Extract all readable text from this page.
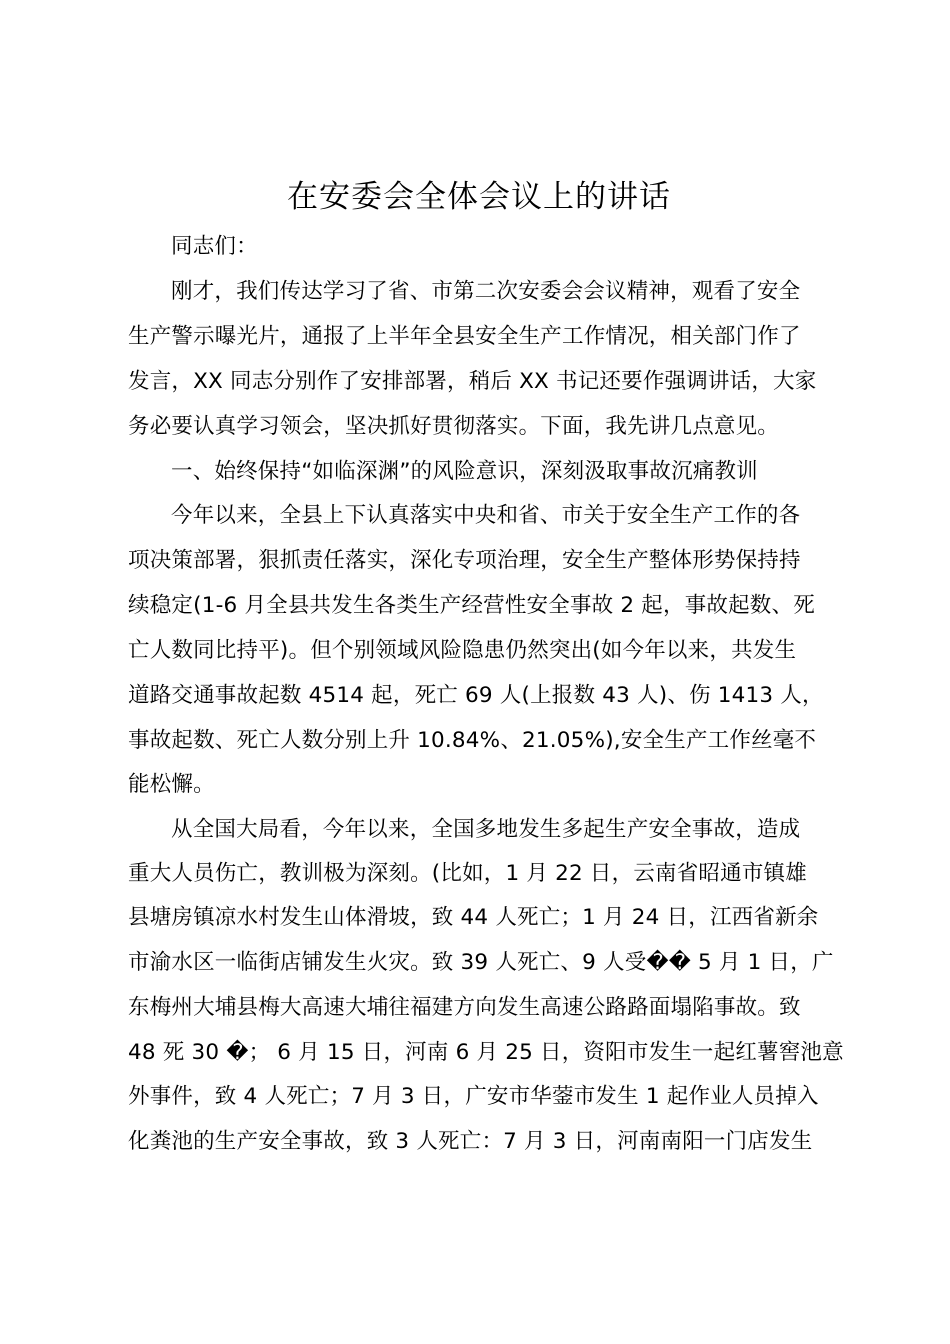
在安委会全体会议上的讲话
同志们：
刚才，我们传达学习了省、市第二次安委会会议精神，观看了安全
生产警示曝光片，通报了上半年全县安全生产工作情况，相关部门作了
发言，XX 同志分别作了安排部署，稍后 XX 书记还要作强调讲话，大家
务必要认真学习领会，坚决抓好贯彻落实。下面，我先讲几点意见。
一、始终保持“如临深渊”的风险意识，深刻汲取事故沉痛教训
今年以来，全县上下认真落实中央和省、市关于安全生产工作的各
项决策部署，狠抓责任落实，深化专项治理，安全生产整体形势保持持
续稳定(1-6 月全县共发生各类生产经营性安全事故 2 起，事故起数、死
亡人数同比持平)。但个别领域风险隐患仍然突出(如今年以来，共发生
道路交通事故起数 4514 起，死亡 69 人(上报数 43 人)、伤 1413 人，
事故起数、死亡人数分别上升 10.84%、21.05%),安全生产工作丝毫不
能松懈。
从全国大局看，今年以来，全国多地发生多起生产安全事故，造成
重大人员伤亡，教训极为深刻。(比如，1 月 22 日，云南省昭通市镇雄
县塘房镇凉水村发生山体滑坡，致 44 人死亡；1 月 24 日，江西省新余
市渝水区一临街店铺发生火灾。致 39 人死亡、9 人受�� 5 月 1 日，广
东梅州大埔县梅大高速大埔往福建方向发生高速公路路面塌陷事故。致
48 死 30 �； 6 月 15 日，河南 6 月 25 日，资阳市发生一起红薯窖池意
外事件，致 4 人死亡；7 月 3 日，广安市华蓥市发生 1 起作业人员掉入
化粪池的生产安全事故，致 3 人死亡：7 月 3 日，河南南阳一门店发生
